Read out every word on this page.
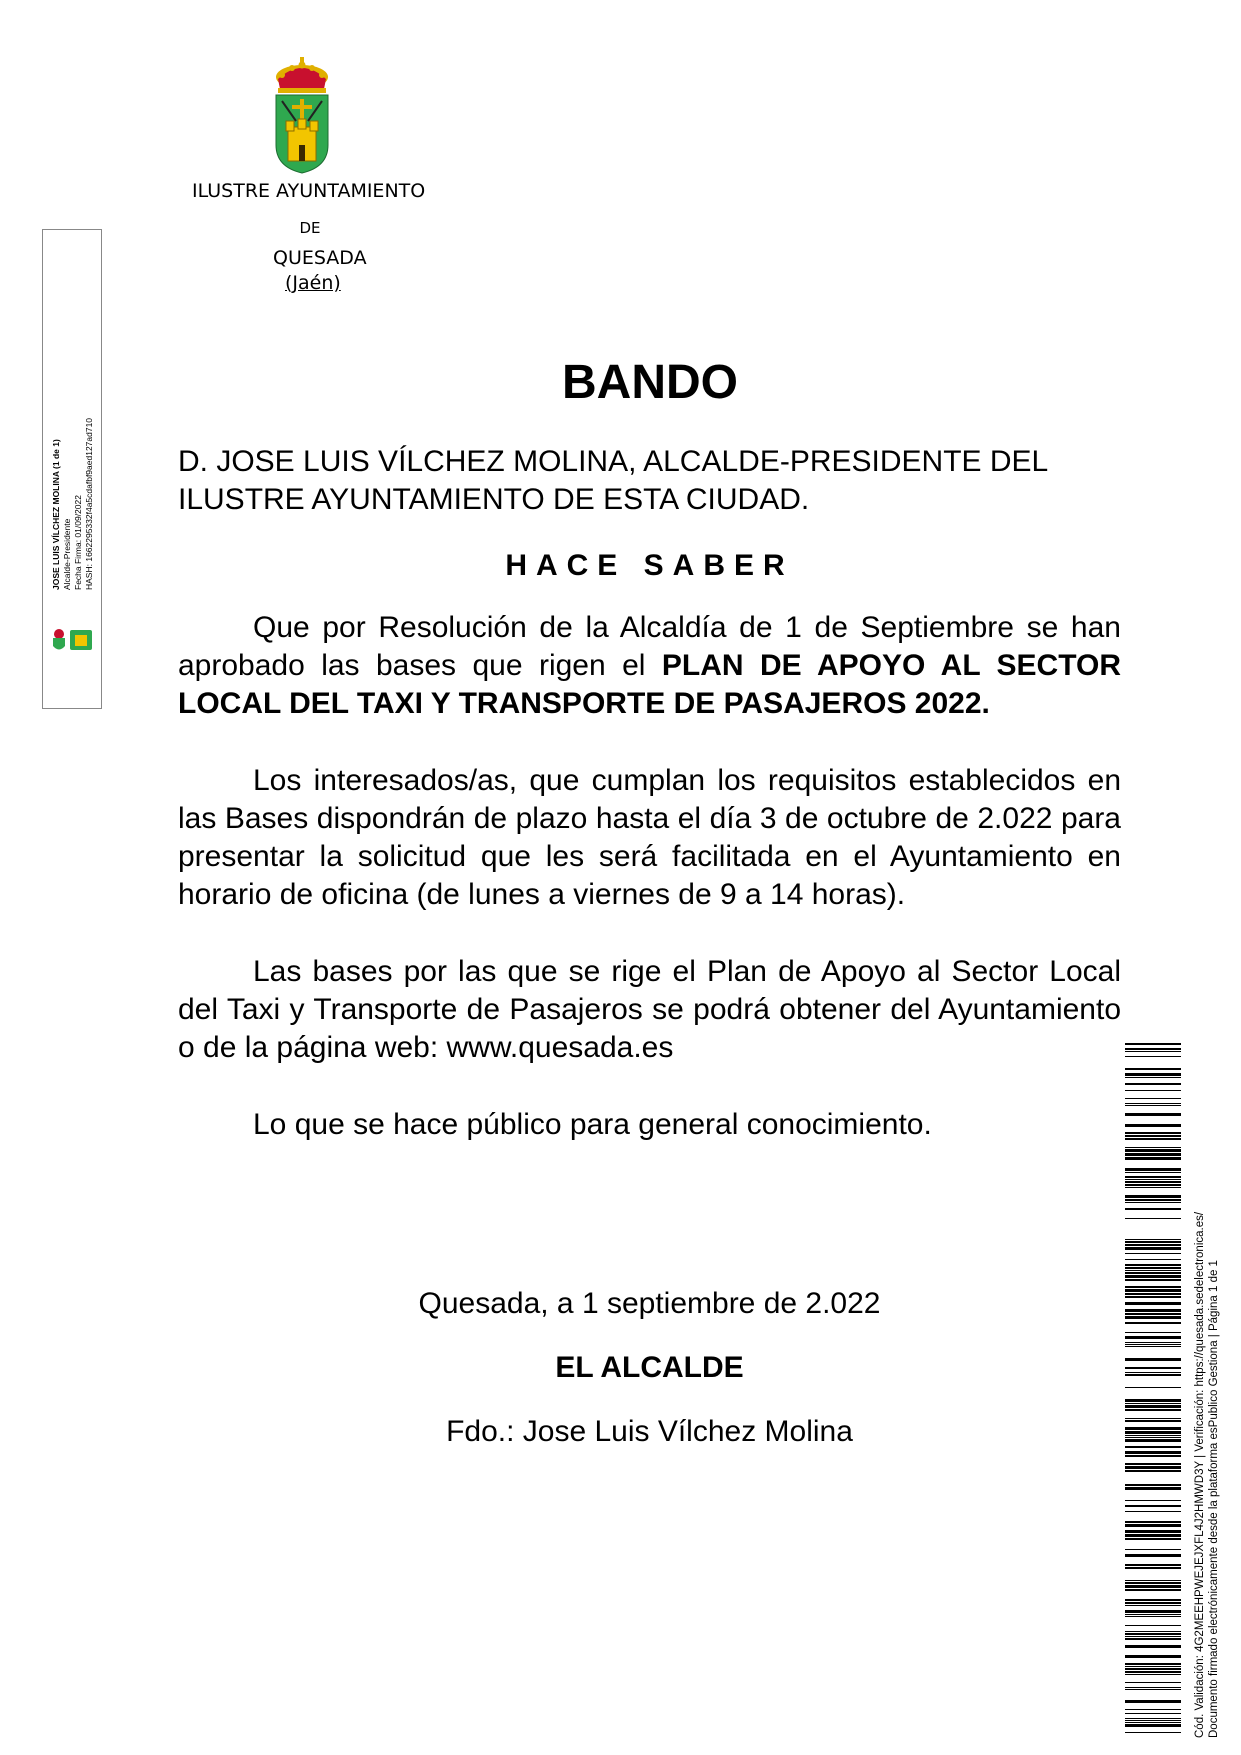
ILUSTRE AYUNTAMIENTO
DE
QUESADA
(Jaén)
JOSE LUIS VÍLCHEZ MOLINA (1 de 1) Alcalde-Presidente Fecha Firma: 01/09/2022 HASH: 1662295332f4a5cdafbf9aed127ad710
BANDO

D. JOSE LUIS VÍLCHEZ MOLINA, ALCALDE-PRESIDENTE DEL ILUSTRE AYUNTAMIENTO DE ESTA CIUDAD.

HACE SABER

Que por Resolución de la Alcaldía de 1 de Septiembre se han aprobado las bases que rigen el PLAN DE APOYO AL SECTOR LOCAL DEL TAXI Y TRANSPORTE DE PASAJEROS 2022.

Los interesados/as, que cumplan los requisitos establecidos en las Bases dispondrán de plazo hasta el día 3 de octubre de 2.022 para presentar la solicitud que les será facilitada en el Ayuntamiento en horario de oficina (de lunes a viernes de 9 a 14 horas).

Las bases por las que se rige el Plan de Apoyo al Sector Local del Taxi y Transporte de Pasajeros se podrá obtener del Ayuntamiento o de la página web: www.quesada.es

Lo que se hace público para general conocimiento.

Quesada, a 1 septiembre de 2.022

EL ALCALDE

Fdo.: Jose Luis Vílchez Molina	Cód. Validación: 4G2MEEHPWEJEJXFL4J2HMWD3Y | Verificación: https://quesada.sedelectronica.es/ Documento firmado electrónicamente desde la plataforma esPublico Gestiona | Página 1 de 1
